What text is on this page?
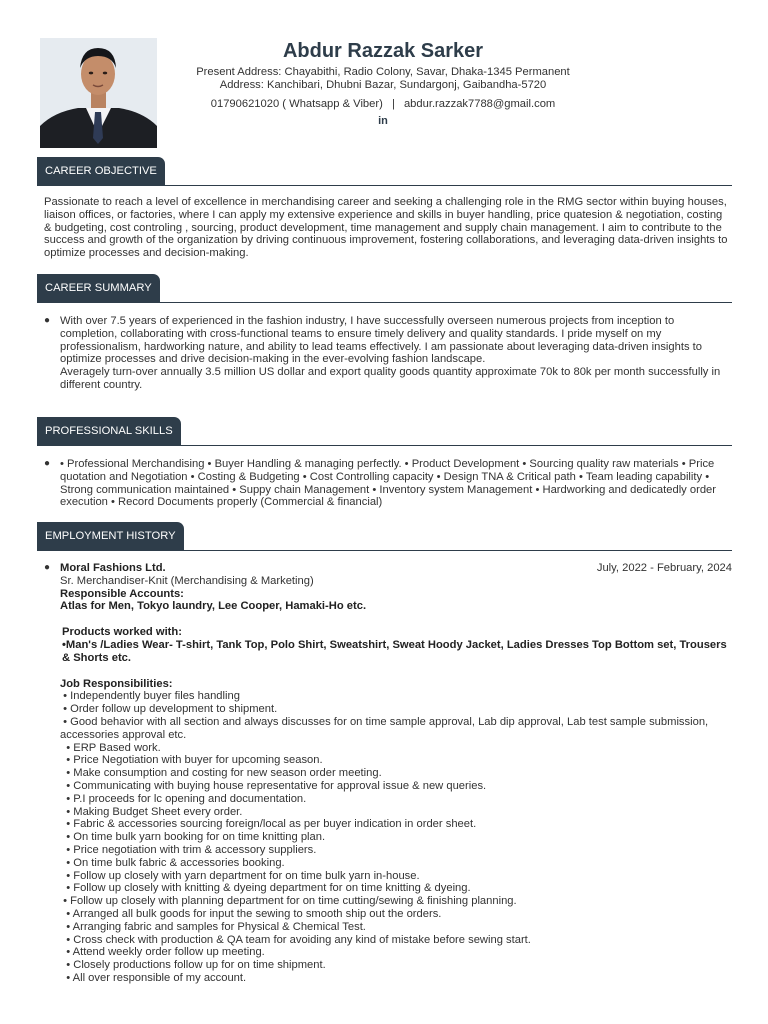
Abdur Razzak Sarker
Present Address: Chayabithi, Radio Colony, Savar, Dhaka-1345 Permanent
Address: Kanchibari, Dhubni Bazar, Sundargonj, Gaibandha-5720
01790621020 ( Whatsapp & Viber) | abdur.razzak7788@gmail.com
in
CAREER OBJECTIVE
Passionate to reach a level of excellence in merchandising career and seeking a challenging role in the RMG sector within buying houses, liaison offices, or factories, where I can apply my extensive experience and skills in buyer handling, price quatesion & negotiation, costing & budgeting, cost controling , sourcing, product development, time management and supply chain management. I aim to contribute to the success and growth of the organization by driving continuous improvement, fostering collaborations, and leveraging data-driven insights to optimize processes and decision-making.
CAREER SUMMARY
● With over 7.5 years of experienced in the fashion industry, I have successfully overseen numerous projects from inception to completion, collaborating with cross-functional teams to ensure timely delivery and quality standards. I pride myself on my professionalism, hardworking nature, and ability to lead teams effectively. I am passionate about leveraging data-driven insights to optimize processes and drive decision-making in the ever-evolving fashion landscape.
Averagely turn-over annually 3.5 million US dollar and export quality goods quantity approximate 70k to 80k per month successfully in different country.
PROFESSIONAL SKILLS
● • Professional Merchandising • Buyer Handling & managing perfectly. • Product Development • Sourcing quality raw materials • Price quotation and Negotiation • Costing & Budgeting • Cost Controlling capacity • Design TNA & Critical path • Team leading capability • Strong communication maintained • Suppy chain Management • Inventory system Management • Hardworking and dedicatedly order execution • Record Documents properly (Commercial & financial)
EMPLOYMENT HISTORY
● Moral Fashions Ltd.	July, 2022 - February, 2024
Sr. Merchandiser-Knit (Merchandising & Marketing)
Responsible Accounts:
Atlas for Men, Tokyo laundry, Lee Cooper, Hamaki-Ho etc.
Products worked with:
•Man's /Ladies Wear- T-shirt, Tank Top, Polo Shirt, Sweatshirt, Sweat Hoody Jacket, Ladies Dresses Top Bottom set, Trousers & Shorts etc.
Job Responsibilities:
• Independently buyer files handling
• Order follow up development to shipment.
• Good behavior with all section and always discusses for on time sample approval, Lab dip approval, Lab test sample submission, accessories approval etc.
• ERP Based work.
• Price Negotiation with buyer for upcoming season.
• Make consumption and costing for new season order meeting.
• Communicating with buying house representative for approval issue & new queries.
• P.I proceeds for lc opening and documentation.
• Making Budget Sheet every order.
• Fabric & accessories sourcing foreign/local as per buyer indication in order sheet.
• On time bulk yarn booking for on time knitting plan.
• Price negotiation with trim & accessory suppliers.
• On time bulk fabric & accessories booking.
• Follow up closely with yarn department for on time bulk yarn in-house.
• Follow up closely with knitting & dyeing department for on time knitting & dyeing.
• Follow up closely with planning department for on time cutting/sewing & finishing planning.
• Arranged all bulk goods for input the sewing to smooth ship out the orders.
• Arranging fabric and samples for Physical & Chemical Test.
• Cross check with production & QA team for avoiding any kind of mistake before sewing start.
• Attend weekly order follow up meeting.
• Closely productions follow up for on time shipment.
• All over responsible of my account.
